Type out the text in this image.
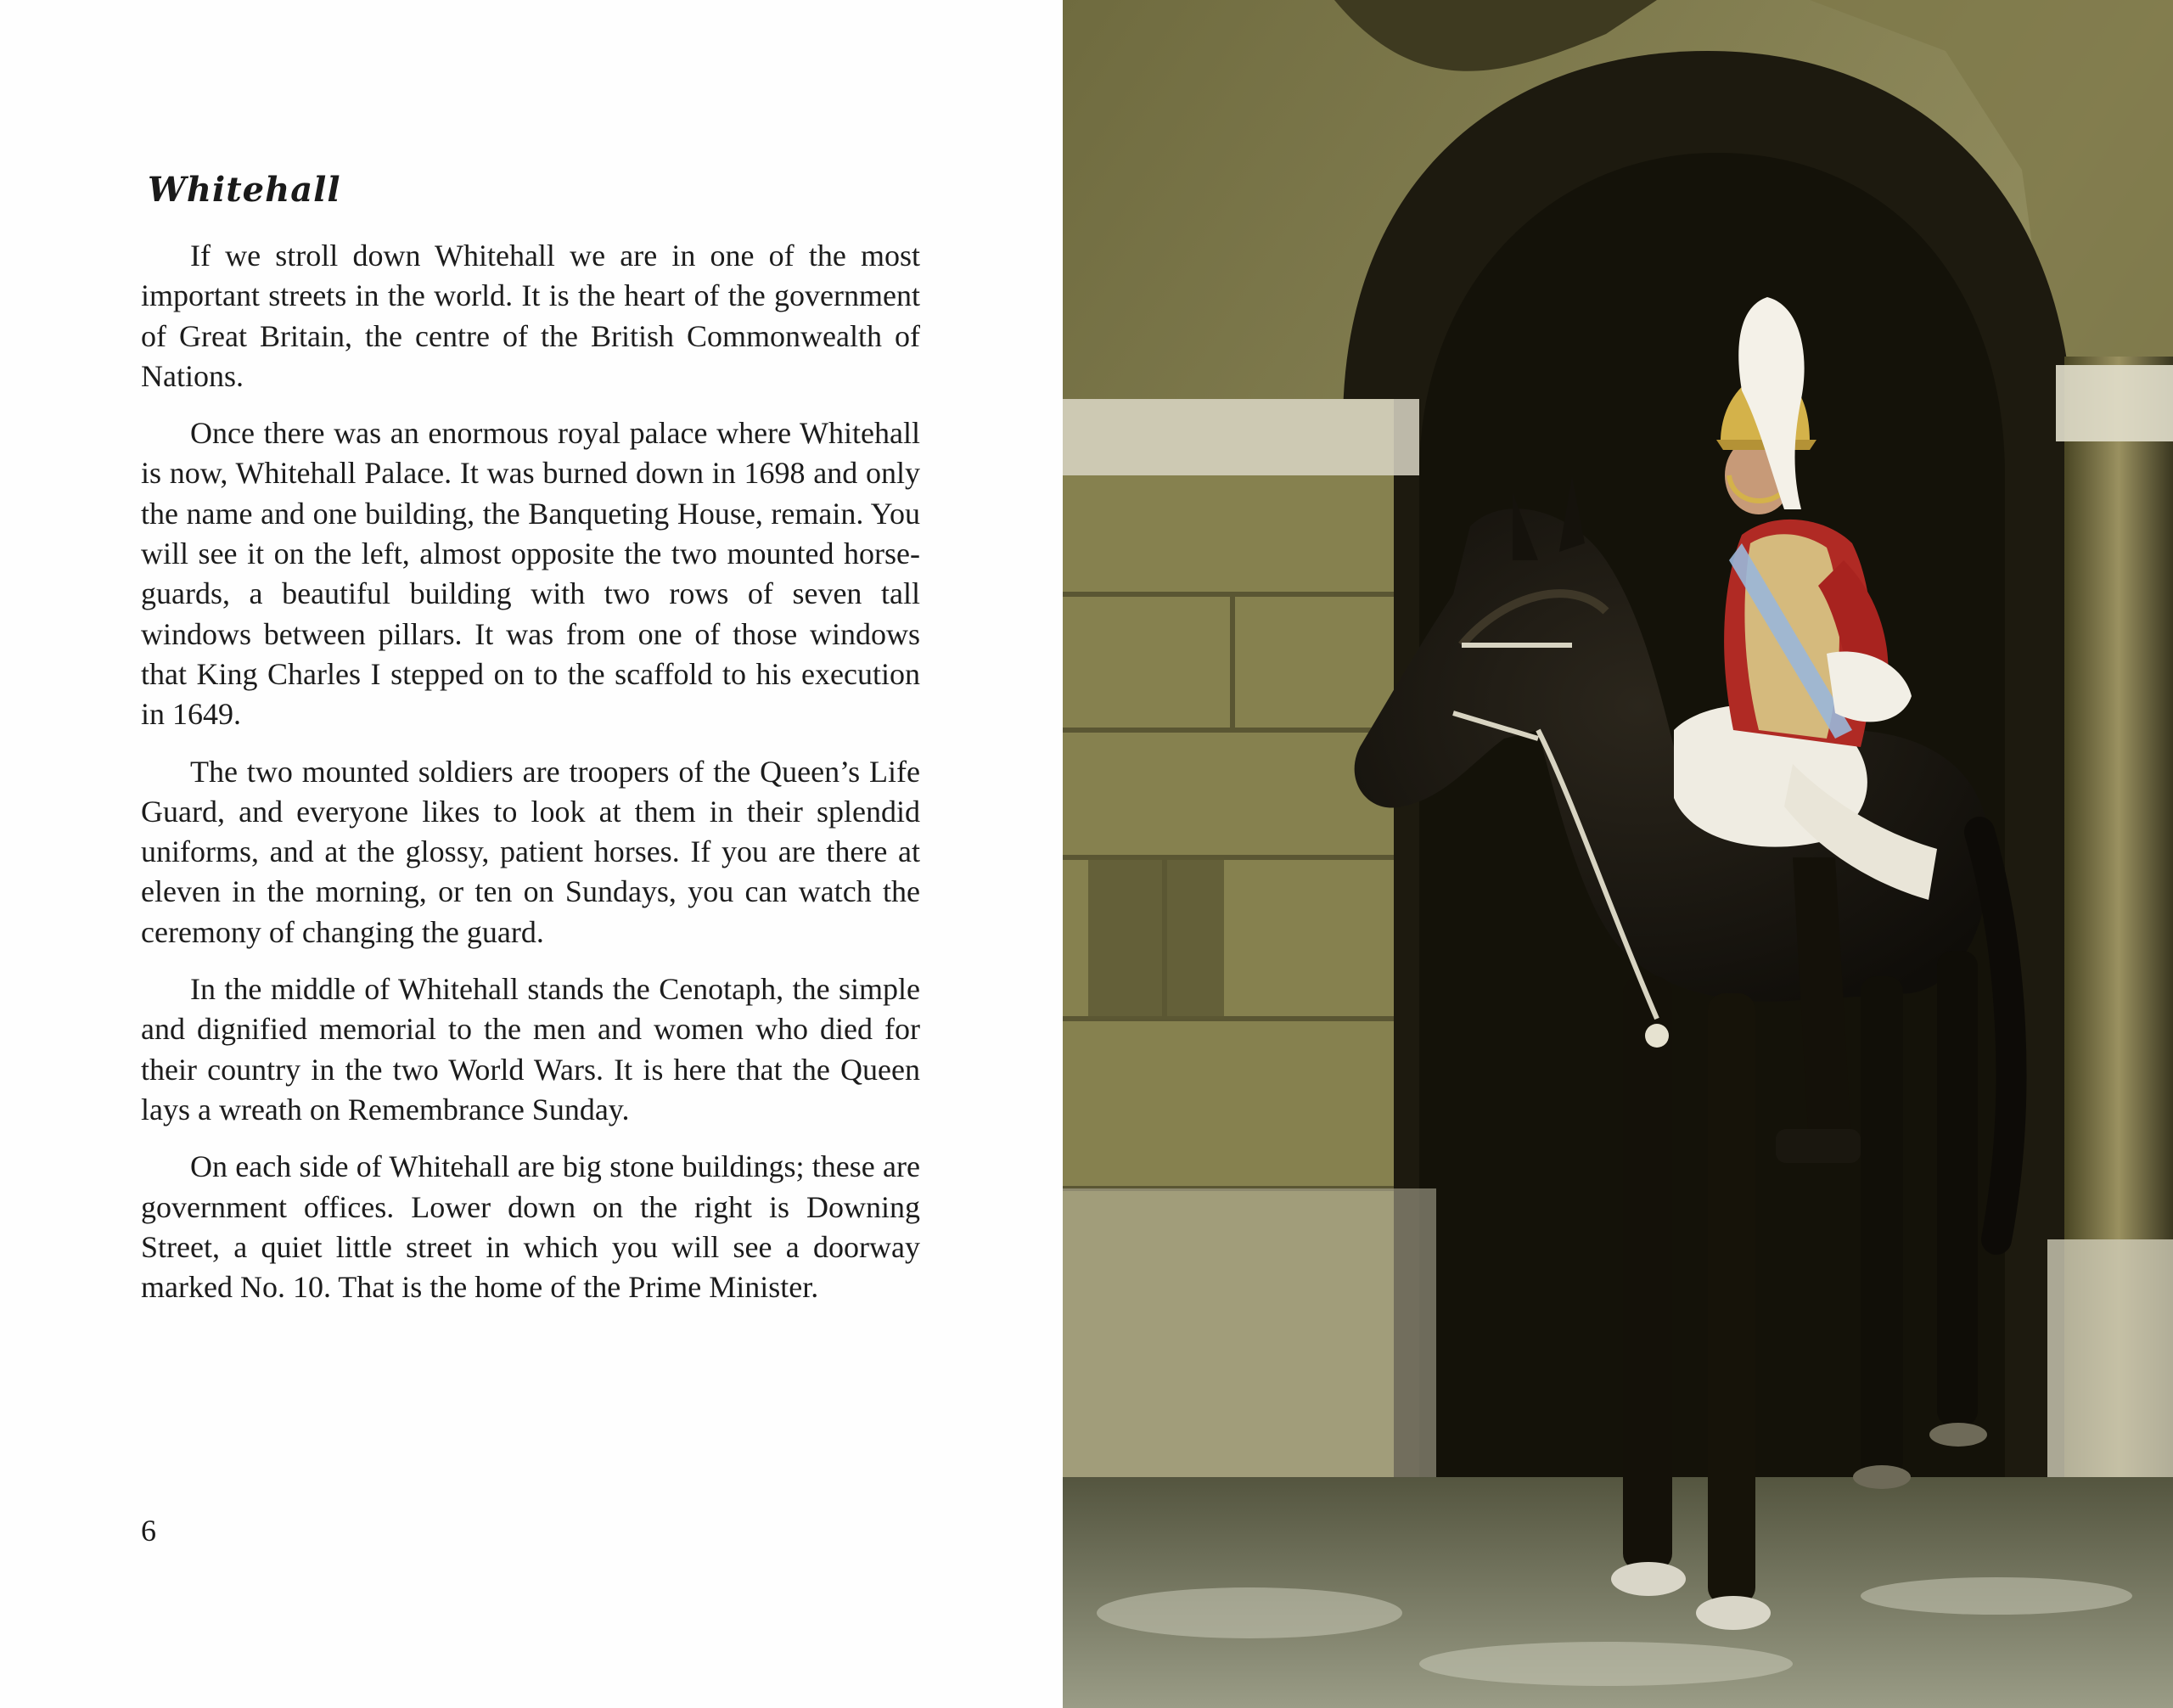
Whitehall

If we stroll down Whitehall we are in one of the most important streets in the world. It is the heart of the government of Great Britain, the centre of the British Commonwealth of Nations.

Once there was an enormous royal palace where Whitehall is now, Whitehall Palace. It was burned down in 1698 and only the name and one building, the Banqueting House, remain. You will see it on the left, almost opposite the two mounted horseguards, a beautiful building with two rows of seven tall windows between pillars. It was from one of those windows that King Charles I stepped on to the scaffold to his execution in 1649.

The two mounted soldiers are troopers of the Queen’s Life Guard, and everyone likes to look at them in their splendid uniforms, and at the glossy, patient horses. If you are there at eleven in the morning, or ten on Sundays, you can watch the ceremony of changing the guard.

In the middle of Whitehall stands the Cenotaph, the simple and dignified memorial to the men and women who died for their country in the two World Wars. It is here that the Queen lays a wreath on Remembrance Sunday.

On each side of Whitehall are big stone buildings; these are government offices. Lower down on the right is Downing Street, a quiet little street in which you will see a doorway marked No. 10. That is the home of the Prime Minister.

6
